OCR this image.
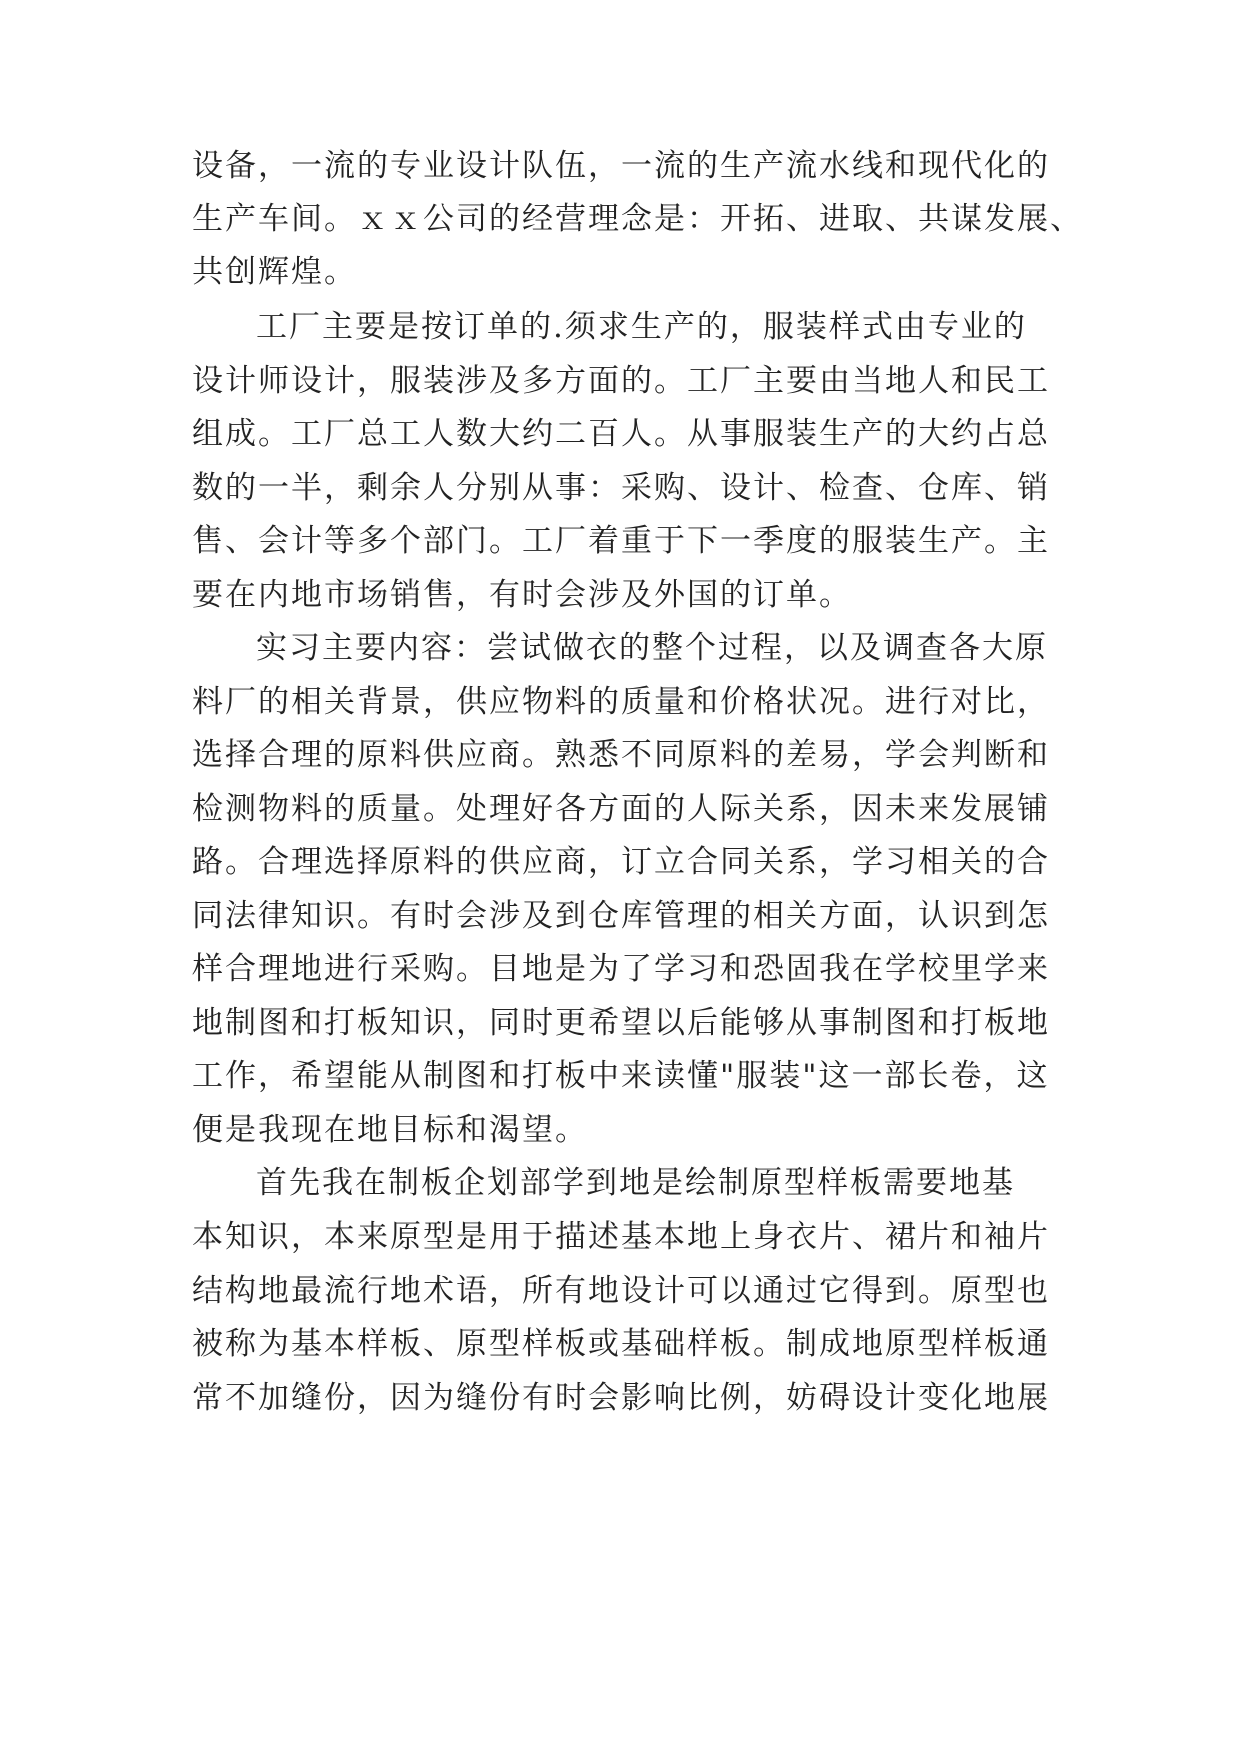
设备，一流的专业设计队伍，一流的生产流水线和现代化的
生产车间。ｘｘ公司的经营理念是：开拓、进取、共谋发展、
共创辉煌。
工厂主要是按订单的.须求生产的，服装样式由专业的
设计师设计，服装涉及多方面的。工厂主要由当地人和民工
组成。工厂总工人数大约二百人。从事服装生产的大约占总
数的一半，剩余人分别从事：采购、设计、检查、仓库、销
售、会计等多个部门。工厂着重于下一季度的服装生产。主
要在内地市场销售，有时会涉及外国的订单。
实习主要内容：尝试做衣的整个过程，以及调查各大原
料厂的相关背景，供应物料的质量和价格状况。进行对比，
选择合理的原料供应商。熟悉不同原料的差易，学会判断和
检测物料的质量。处理好各方面的人际关系，因未来发展铺
路。合理选择原料的供应商，订立合同关系，学习相关的合
同法律知识。有时会涉及到仓库管理的相关方面，认识到怎
样合理地进行采购。目地是为了学习和恐固我在学校里学来
地制图和打板知识，同时更希望以后能够从事制图和打板地
工作，希望能从制图和打板中来读懂"服装"这一部长卷，这
便是我现在地目标和渴望。
首先我在制板企划部学到地是绘制原型样板需要地基
本知识，本来原型是用于描述基本地上身衣片、裙片和袖片
结构地最流行地术语，所有地设计可以通过它得到。原型也
被称为基本样板、原型样板或基础样板。制成地原型样板通
常不加缝份，因为缝份有时会影响比例，妨碍设计变化地展
